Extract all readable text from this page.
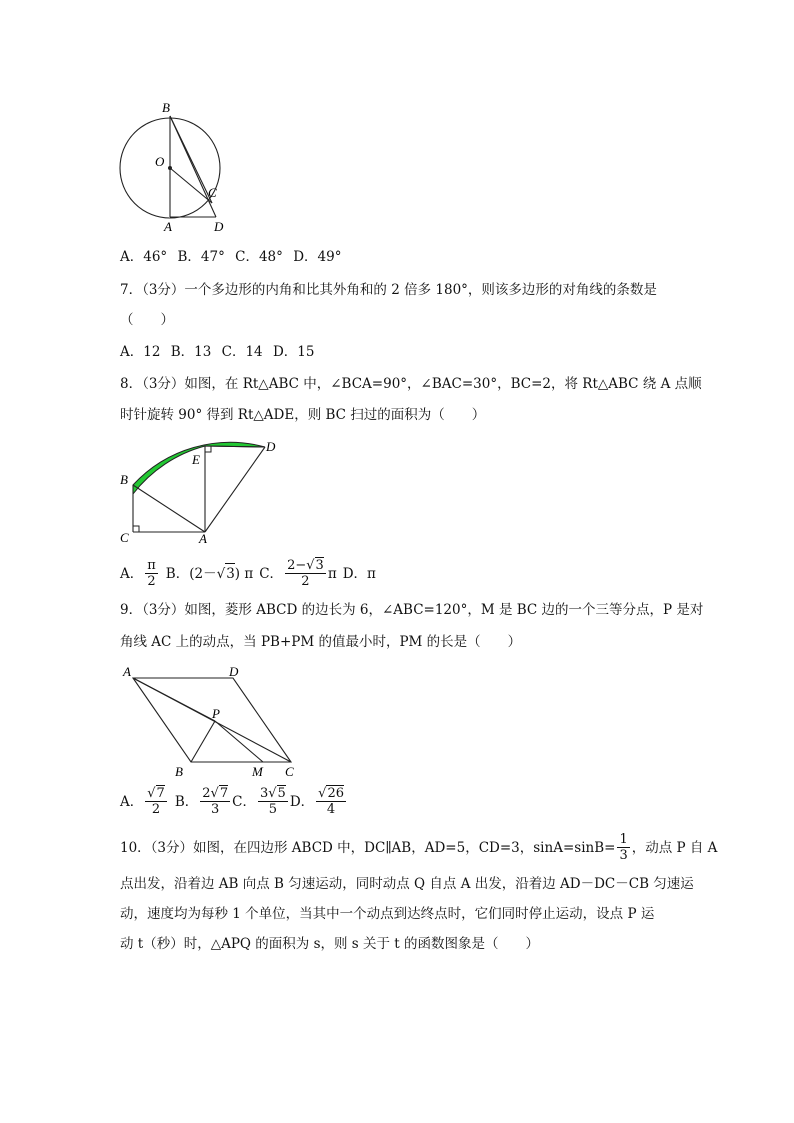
B
O
C
A	D
A．46° B．47° C．48° D．49°
7．（3分）一个多边形的内角和比其外角和的 2 倍多 180°，则该多边形的对角线的条数是
（　　）
A．12 B．13 C．14 D．15
8．（3分）如图，在 Rt△ABC 中，∠BCA=90°，∠BAC=30°，BC=2，将 Rt△ABC 绕 A 点顺
时针旋转 90° 得到 Rt△ADE，则 BC 扫过的面积为（　　）
B
E
D
C	A
A． $\frac{\pi}{2}$ B．(2－ √ 3 ) π C． $\frac{2-√3}{2}$ π D．π
9．（3分）如图，菱形 ABCD 的边长为 6，∠ABC=120°，M 是 BC 边的一个三等分点，P 是对
角线 AC 上的动点，当 PB+PM 的值最小时，PM 的长是（　　）
A	D
P
B	M C
A． $\frac{√7}{2}$ B． $\frac{2√7}{3}$ C． $\frac{3√5}{5}$ D． $\frac{√26}{4}$
10．（3分）如图，在四边形 ABCD 中，DC∥AB，AD=5，CD=3，$\sin A=\sin B= \frac{1}{3}$ ，动点 P 自 A
点出发，沿着边 AB 向点 B 匀速运动，同时动点 Q 自点 A 出发，沿着边 AD－DC－CB 匀速运
动，速度均为每秒 1 个单位，当其中一个动点到达终点时，它们同时停止运动，设点 P 运
动 t（秒）时，△APQ 的面积为 s，则 s 关于 t 的函数图象是（　　）
